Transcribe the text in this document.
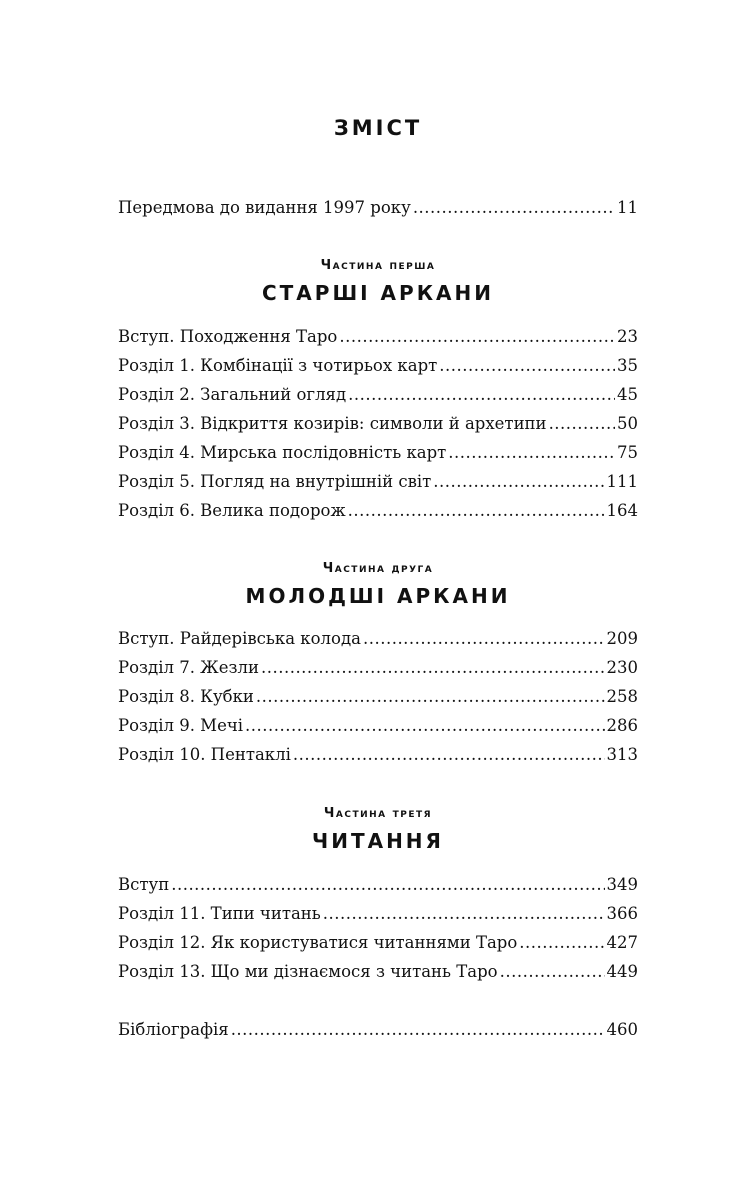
ЗМІСТ
Передмова до видання 1997 року .....	11
Частина перша
СТАРШІ АРКАНИ
Вступ. Походження Таро .....	23
Розділ 1. Комбінації з чотирьох карт .....	35
Розділ 2. Загальний огляд .....	45
Розділ 3. Відкриття козирів: символи й архетипи .....	50
Розділ 4. Мирська послідовність карт .....	75
Розділ 5. Погляд на внутрішній світ .....	111
Розділ 6. Велика подорож .....	164
Частина друга
МОЛОДШІ АРКАНИ
Вступ. Райдерівська колода .....	209
Розділ 7. Жезли .....	230
Розділ 8. Кубки .....	258
Розділ 9. Мечі .....	286
Розділ 10. Пентаклі .....	313
Частина третя
ЧИТАННЯ
Вступ .....	349
Розділ 11. Типи читань .....	366
Розділ 12. Як користуватися читаннями Таро .....	427
Розділ 13. Що ми дізнаємося з читань Таро .....	449
Бібліографія .....	460
